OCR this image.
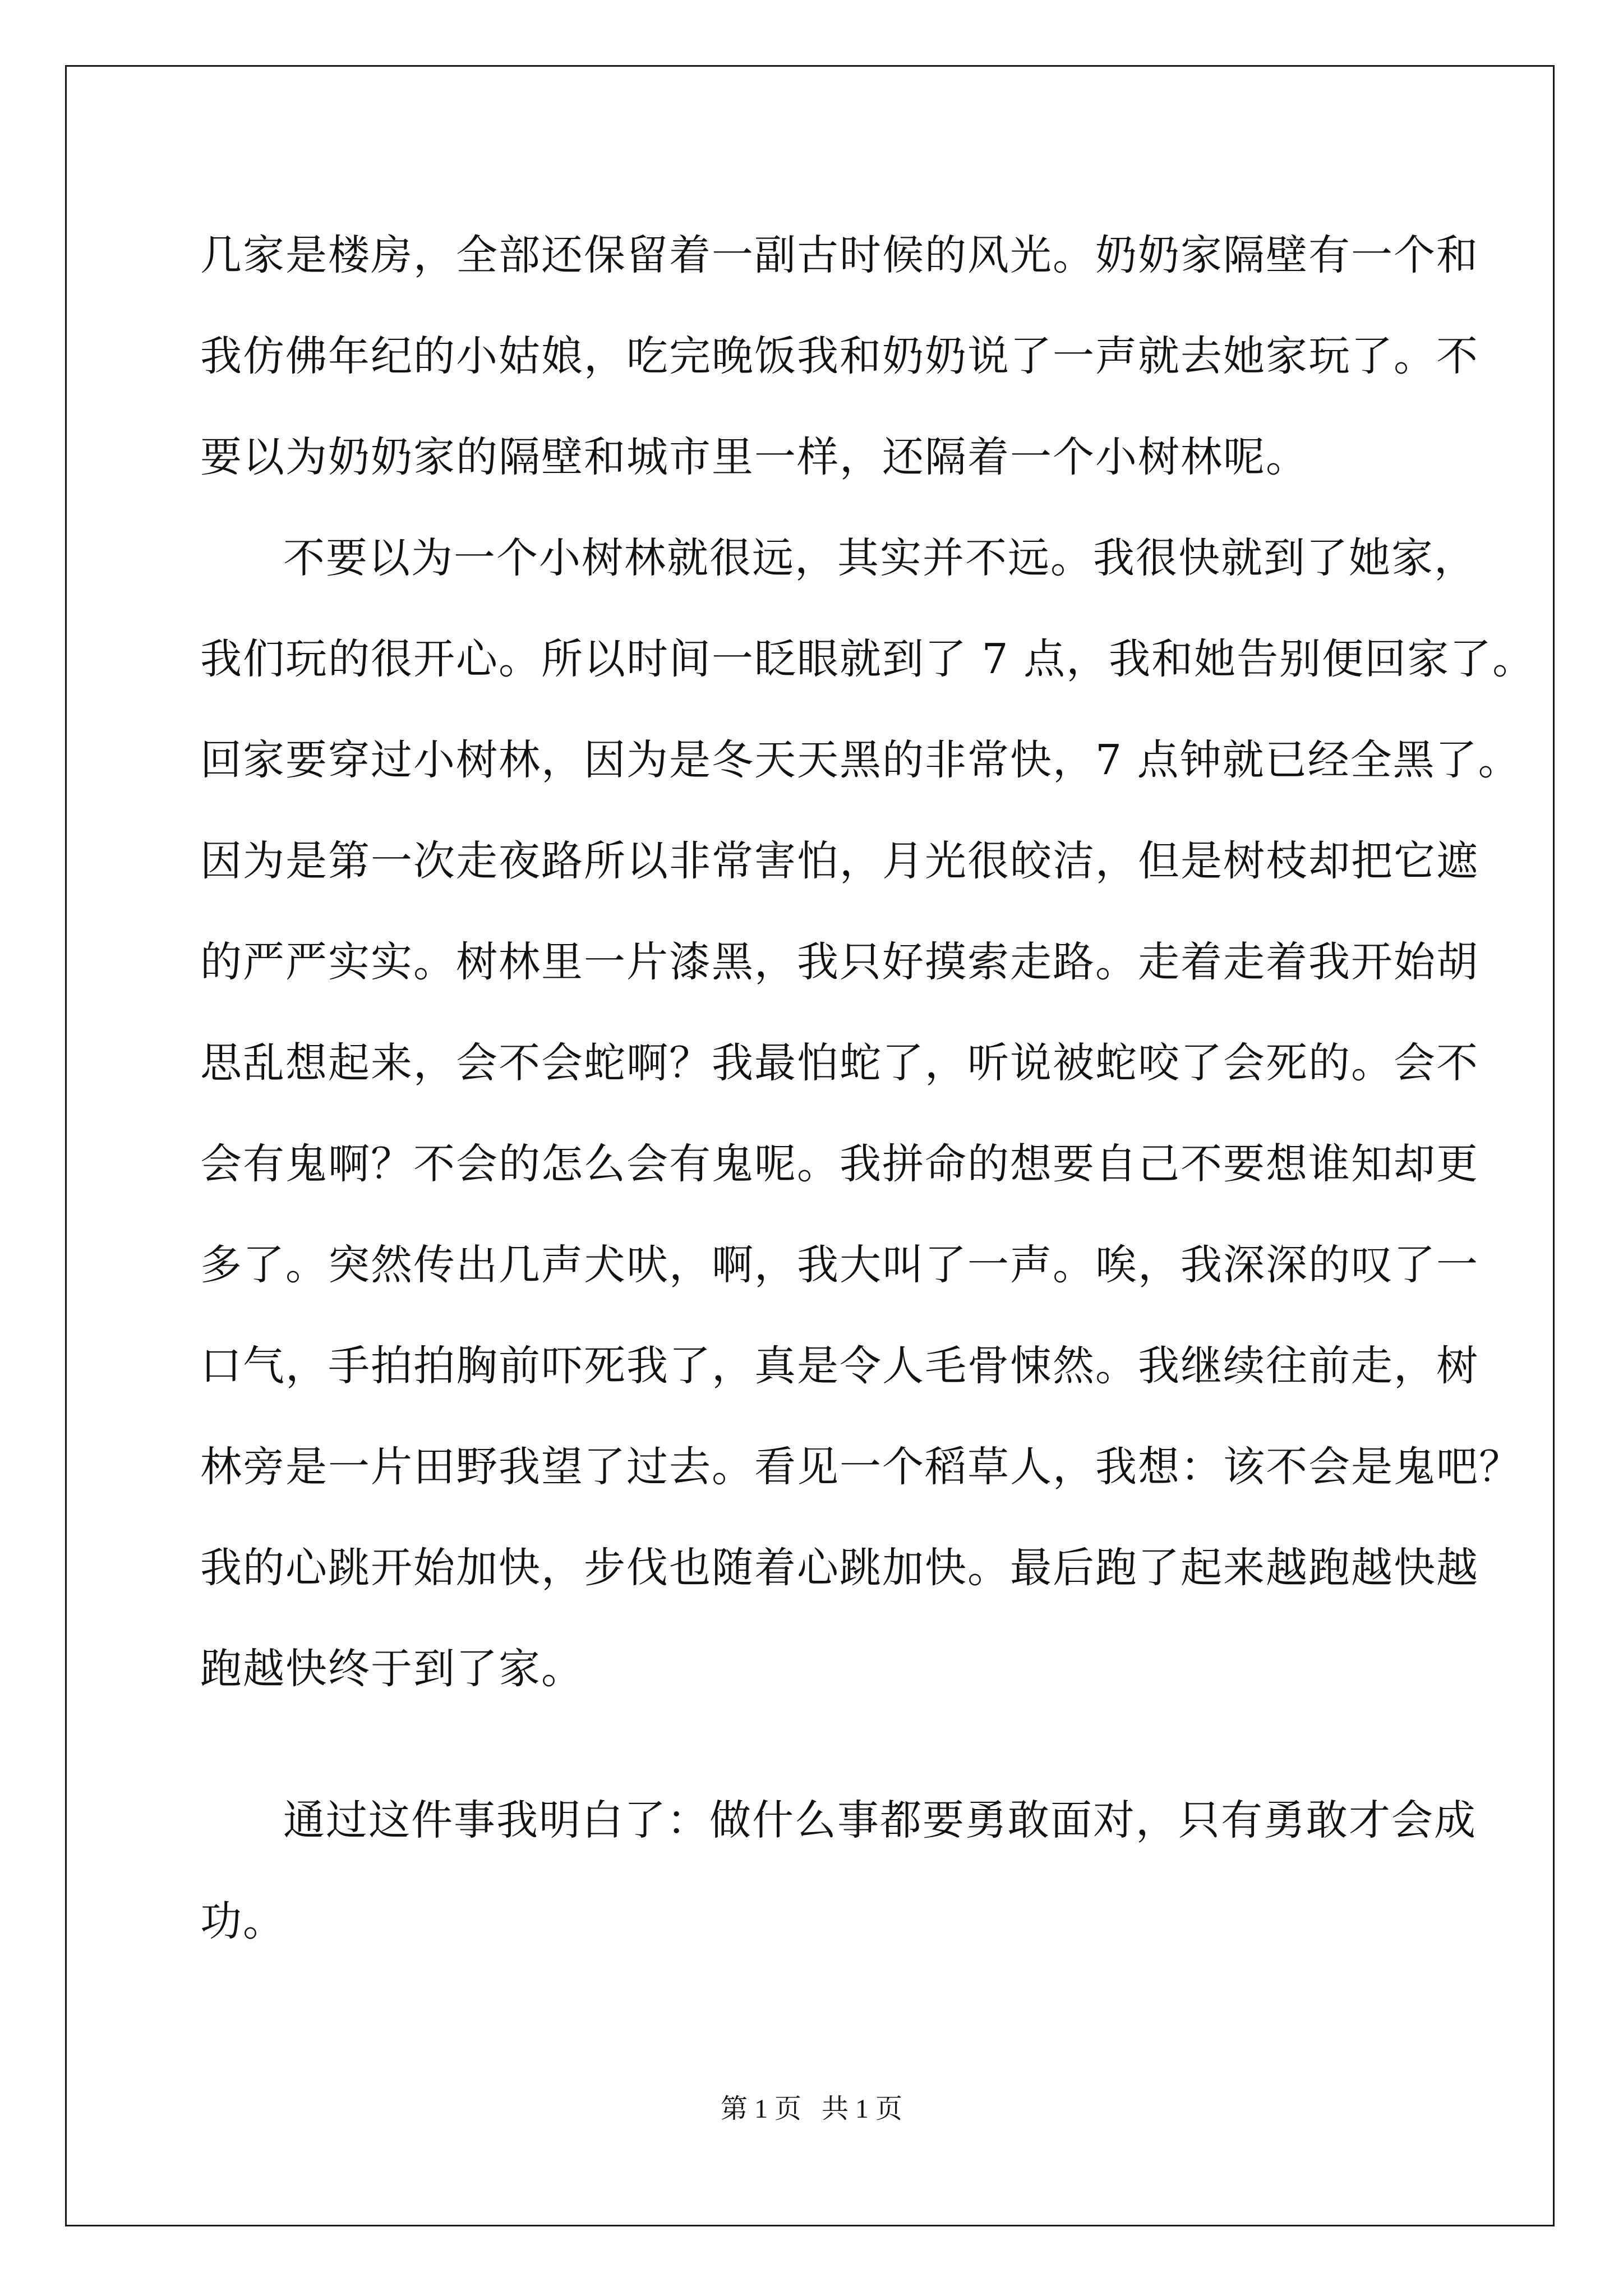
几家是楼房，全部还保留着一副古时候的风光。奶奶家隔壁有一个和
我仿佛年纪的小姑娘，吃完晚饭我和奶奶说了一声就去她家玩了。不
要以为奶奶家的隔壁和城市里一样，还隔着一个小树林呢。
不要以为一个小树林就很远，其实并不远。我很快就到了她家，
我们玩的很开心。所以时间一眨眼就到了 7 点，我和她告别便回家了。
回家要穿过小树林，因为是冬天天黑的非常快，7 点钟就已经全黑了。
因为是第一次走夜路所以非常害怕，月光很皎洁，但是树枝却把它遮
的严严实实。树林里一片漆黑，我只好摸索走路。走着走着我开始胡
思乱想起来，会不会蛇啊？我最怕蛇了，听说被蛇咬了会死的。会不
会有鬼啊？不会的怎么会有鬼呢。我拼命的想要自己不要想谁知却更
多了。突然传出几声犬吠，啊，我大叫了一声。唉，我深深的叹了一
口气，手拍拍胸前吓死我了，真是令人毛骨悚然。我继续往前走，树
林旁是一片田野我望了过去。看见一个稻草人，我想：该不会是鬼吧？
我的心跳开始加快，步伐也随着心跳加快。最后跑了起来越跑越快越
跑越快终于到了家。
通过这件事我明白了：做什么事都要勇敢面对，只有勇敢才会成
功。
第 1 页   共 1 页
